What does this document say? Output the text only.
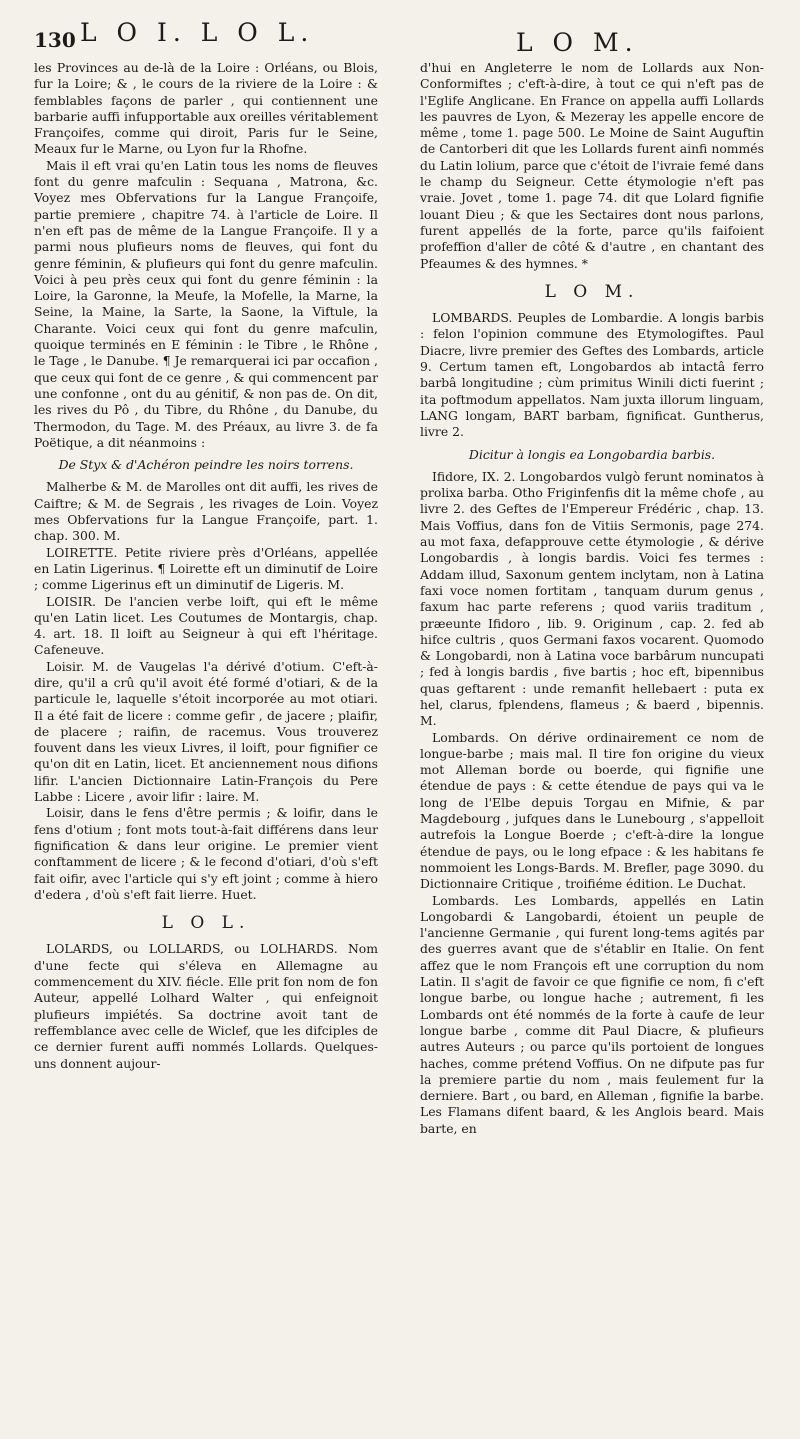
130 L O I. L O L.	L O M.

les Provinces au de-là de la Loire : Orléans, ou Blois, fur la Loire; & , le cours de la riviere de la Loire : & femblables façons de parler , qui contiennent une barbarie auffi infupportable aux oreilles véritablement Françoifes, comme qui diroit, Paris fur le Seine, Meaux fur le Marne, ou Lyon fur la Rhofne.

Mais il eft vrai qu'en Latin tous les noms de fleuves font du genre mafculin : Sequana , Matrona, &c. Voyez mes Obfervations fur la Langue Françoife, partie premiere , chapitre 74. à l'article de Loire. Il n'en eft pas de même de la Langue Françoife. Il y a parmi nous plufieurs noms de fleuves, qui font du genre féminin, & plufieurs qui font du genre mafculin. Voici à peu près ceux qui font du genre féminin : la Loire, la Garonne, la Meufe, la Mofelle, la Marne, la Seine, la Maine, la Sarte, la Saone, la Viftule, la Charante. Voici ceux qui font du genre mafculin, quoique terminés en E féminin : le Tibre , le Rhône , le Tage , le Danube. ¶ Je remarquerai ici par occafion , que ceux qui font de ce genre , & qui commencent par une confonne , ont du au génitif, & non pas de. On dit, les rives du Pô , du Tibre, du Rhône , du Danube, du Thermodon, du Tage. M. des Préaux, au livre 3. de fa Poëtique, a dit néanmoins :

De Styx & d'Achéron peindre les noirs torrens.

Malherbe & M. de Marolles ont dit auffi, les rives de Caiftre; & M. de Segrais , les rivages de Loin. Voyez mes Obfervations fur la Langue Françoife, part. 1. chap. 300. M.

LOIRETTE. Petite riviere près d'Orléans, appellée en Latin Ligerinus. ¶ Loirette eft un diminutif de Loire ; comme Ligerinus eft un diminutif de Ligeris. M.

LOISIR. De l'ancien verbe loift, qui eft le même qu'en Latin licet. Les Coutumes de Montargis, chap. 4. art. 18. Il loift au Seigneur à qui eft l'héritage. Cafeneuve.

Loisir. M. de Vaugelas l'a dérivé d'otium. C'eft-à-dire, qu'il a crû qu'il avoit été formé d'otiari, & de la particule le, laquelle s'étoit incorporée au mot otiari. Il a été fait de licere : comme gefir , de jacere ; plaifir, de placere ; raifin, de racemus. Vous trouverez fouvent dans les vieux Livres, il loift, pour fignifier ce qu'on dit en Latin, licet. Et anciennement nous difions lifir. L'ancien Dictionnaire Latin-François du Pere Labbe : Licere , avoir lifir : laire. M.

Loisir, dans le fens d'être permis ; & loifir, dans le fens d'otium ; font mots tout-à-fait différens dans leur fignification & dans leur origine. Le premier vient conftamment de licere ; & le fecond d'otiari, d'où s'eft fait oifir, avec l'article qui s'y eft joint ; comme à hiero d'edera , d'où s'eft fait lierre. Huet.

L O L.

LOLARDS, ou LOLLARDS, ou LOLHARDS. Nom d'une fecte qui s'éleva en Allemagne au commencement du XIV. fiécle. Elle prit fon nom de fon Auteur, appellé Lolhard Walter , qui enfeignoit plufieurs impiétés. Sa doctrine avoit tant de reffemblance avec celle de Wiclef, que les difciples de ce dernier furent auffi nommés Lollards. Quelques-uns donnent aujour-

d'hui en Angleterre le nom de Lollards aux Non-Conformiftes ; c'eft-à-dire, à tout ce qui n'eft pas de l'Eglife Anglicane. En France on appella auffi Lollards les pauvres de Lyon, & Mezeray les appelle encore de même , tome 1. page 500. Le Moine de Saint Auguftin de Cantorberi dit que les Lollards furent ainfi nommés du Latin lolium, parce que c'étoit de l'ivraie femé dans le champ du Seigneur. Cette étymologie n'eft pas vraie. Jovet , tome 1. page 74. dit que Lolard fignifie louant Dieu ; & que les Sectaires dont nous parlons, furent appellés de la forte, parce qu'ils faifoient profeffion d'aller de côté & d'autre , en chantant des Pfeaumes & des hymnes. *

L O M.

LOMBARDS. Peuples de Lombardie. A longis barbis : felon l'opinion commune des Etymologiftes. Paul Diacre, livre premier des Geftes des Lombards, article 9. Certum tamen eft, Longobardos ab intactâ ferro barbâ longitudine ; cùm primitus Winili dicti fuerint ; ita poftmodum appellatos. Nam juxta illorum linguam, LANG longam, BART barbam, fignificat. Guntherus, livre 2.

Dicitur à longis ea Longobardia barbis.

Ifidore, IX. 2. Longobardos vulgò ferunt nominatos à prolixa barba. Otho Friginfenfis dit la même chofe , au livre 2. des Geftes de l'Empereur Frédéric , chap. 13. Mais Voffius, dans fon de Vitiis Sermonis, page 274. au mot faxa, defapprouve cette étymologie , & dérive Longobardis , à longis bardis. Voici fes termes : Addam illud, Saxonum gentem inclytam, non à Latina faxi voce nomen fortitam , tanquam durum genus , faxum hac parte referens ; quod variis traditum , præeunte Ifidoro , lib. 9. Originum , cap. 2. fed ab hifce cultris , quos Germani faxos vocarent. Quomodo & Longobardi, non à Latina voce barbârum nuncupati ; fed à longis bardis , five bartis ; hoc eft, bipennibus quas geftarent : unde remanfit hellebaert : puta ex hel, clarus, fplendens, flameus ; & baerd , bipennis. M.

Lombards. On dérive ordinairement ce nom de longue-barbe ; mais mal. Il tire fon origine du vieux mot Alleman borde ou boerde, qui fignifie une étendue de pays : & cette étendue de pays qui va le long de l'Elbe depuis Torgau en Mifnie, & par Magdebourg , jufques dans le Lunebourg , s'appelloit autrefois la Longue Boerde ; c'eft-à-dire la longue étendue de pays, ou le long efpace : & les habitans fe nommoient les Longs-Bards. M. Brefler, page 3090. du Dictionnaire Critique , troifiéme édition. Le Duchat.

Lombards. Les Lombards, appellés en Latin Longobardi & Langobardi, étoient un peuple de l'ancienne Germanie , qui furent long-tems agités par des guerres avant que de s'établir en Italie. On fent affez que le nom François eft une corruption du nom Latin. Il s'agit de favoir ce que fignifie ce nom, fi c'eft longue barbe, ou longue hache ; autrement, fi les Lombards ont été nommés de la forte à caufe de leur longue barbe , comme dit Paul Diacre, & plufieurs autres Auteurs ; ou parce qu'ils portoient de longues haches, comme prétend Voffius. On ne difpute pas fur la premiere partie du nom , mais feulement fur la derniere. Bart , ou bard, en Alleman , fignifie la barbe. Les Flamans difent baard, & les Anglois beard. Mais barte, en
